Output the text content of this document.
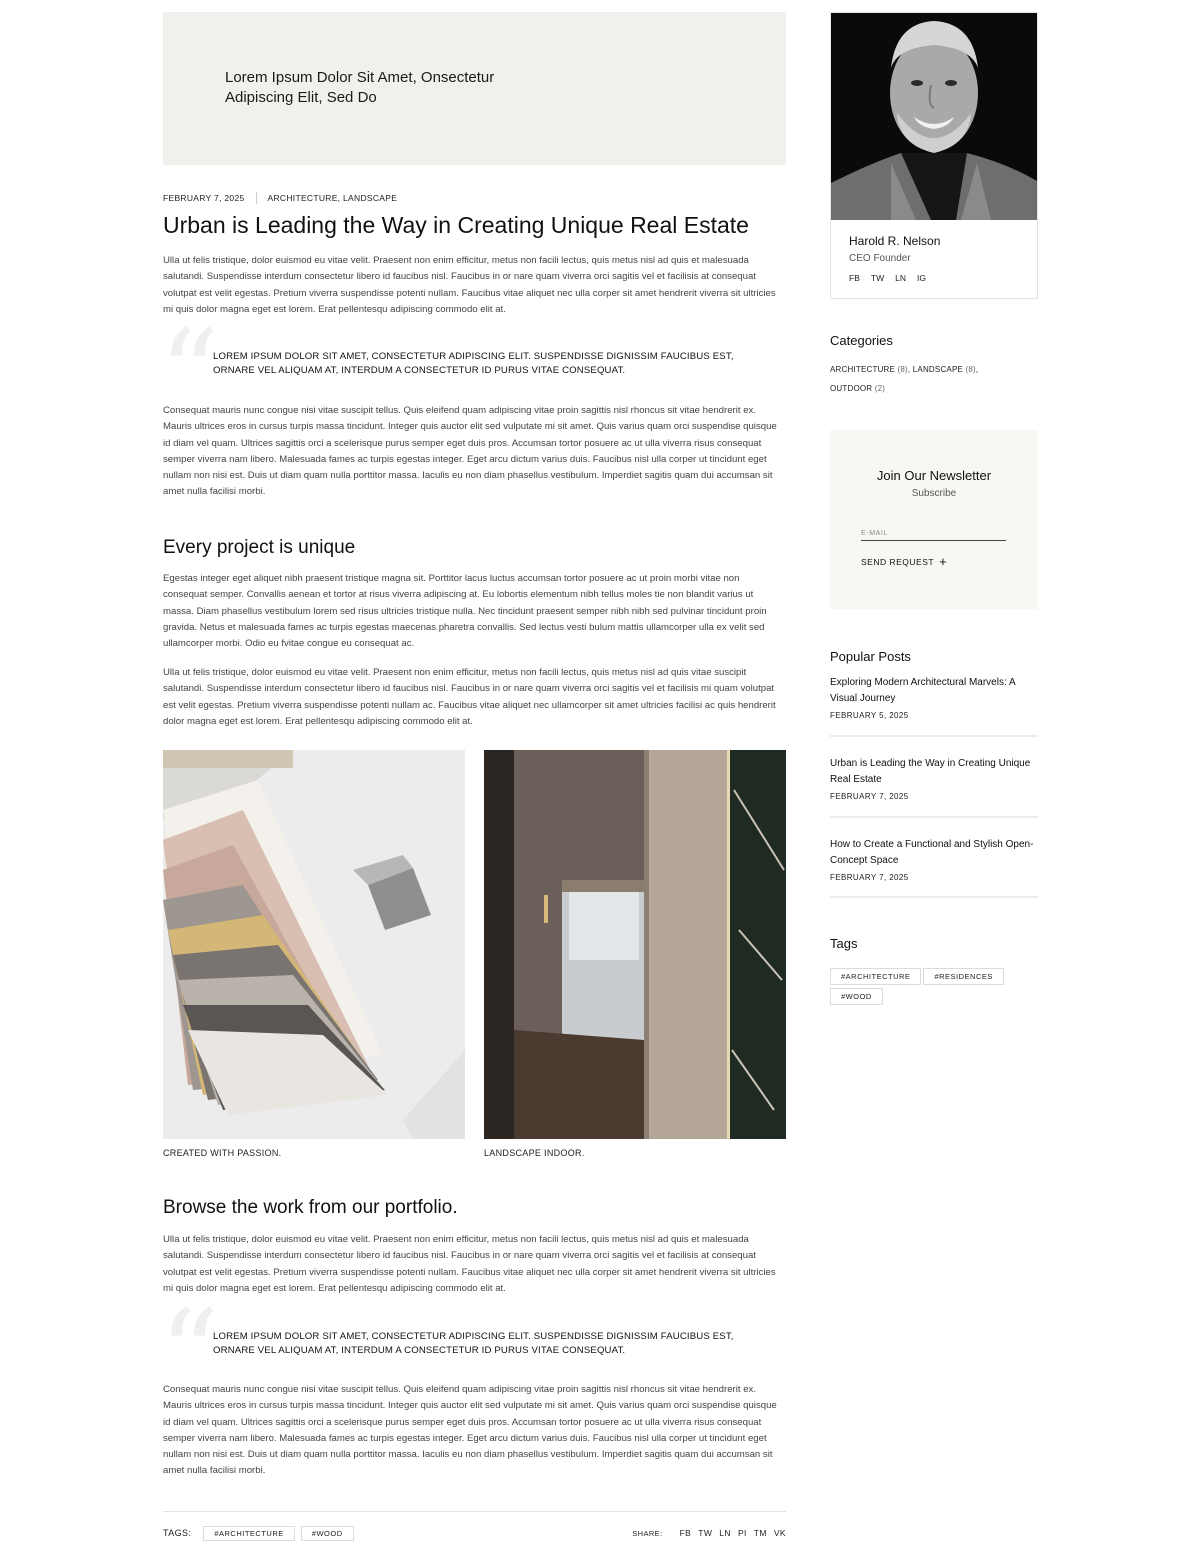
Lorem Ipsum Dolor Sit Amet, Onsectetur Adipiscing Elit, Sed Do
FEBRUARY 7, 2025	ARCHITECTURE, LANDSCAPE
Urban is Leading the Way in Creating Unique Real Estate

Ulla ut felis tristique, dolor euismod eu vitae velit. Praesent non enim efficitur, metus non facili lectus, quis metus nisl ad quis et malesuada salutandi. Suspendisse interdum consectetur libero id faucibus nisl. Faucibus in or nare quam viverra orci sagitis vel et facilisis at consequat volutpat est velit egestas. Pretium viverra suspendisse potenti nullam. Faucibus vitae aliquet nec ulla corper sit amet hendrerit viverra sit ultricies mi quis dolor magna eget est lorem. Erat pellentesqu adipiscing commodo elit at.

“ LOREM IPSUM DOLOR SIT AMET, CONSECTETUR ADIPISCING ELIT. SUSPENDISSE DIGNISSIM FAUCIBUS EST, ORNARE VEL ALIQUAM AT, INTERDUM A CONSECTETUR ID PURUS VITAE CONSEQUAT.

Consequat mauris nunc congue nisi vitae suscipit tellus. Quis eleifend quam adipiscing vitae proin sagittis nisl rhoncus sit vitae hendrerit ex. Mauris ultrices eros in cursus turpis massa tincidunt. Integer quis auctor elit sed vulputate mi sit amet. Quis varius quam orci suspendise quisque id diam vel quam. Ultrices sagittis orci a scelerisque purus semper eget duis pros. Accumsan tortor posuere ac ut ulla viverra risus consequat semper viverra nam libero. Malesuada fames ac turpis egestas integer. Eget arcu dictum varius duis. Faucibus nisl ulla corper ut tincidunt eget nullam non nisi est. Duis ut diam quam nulla porttitor massa. Iaculis eu non diam phasellus vestibulum. Imperdiet sagitis quam dui accumsan sit amet nulla facilisi morbi.

Every project is unique

Egestas integer eget aliquet nibh praesent tristique magna sit. Porttitor lacus luctus accumsan tortor posuere ac ut proin morbi vitae non consequat semper. Convallis aenean et tortor at risus viverra adipiscing at. Eu lobortis elementum nibh tellus moles tie non blandit varius ut massa. Diam phasellus vestibulum lorem sed risus ultricies tristique nulla. Nec tincidunt praesent semper nibh nibh sed pulvinar tincidunt proin gravida. Netus et malesuada fames ac turpis egestas maecenas pharetra convallis. Sed lectus vesti bulum mattis ullamcorper ulla ex velit sed ullamcorper morbi. Odio eu fvitae congue eu consequat ac.

Ulla ut felis tristique, dolor euismod eu vitae velit. Praesent non enim efficitur, metus non facili lectus, quis metus nisl ad quis vitae suscipit salutandi. Suspendisse interdum consectetur libero id faucibus nisl. Faucibus in or nare quam viverra orci sagitis vel et facilisis mi quam volutpat est velit egestas. Pretium viverra suspendisse potenti nullam ac. Faucibus vitae aliquet nec ullamcorper sit amet ultricies facilisi ac quis hendrerit dolor magna eget est lorem. Erat pellentesqu adipiscing commodo elit at.

CREATED WITH PASSION.	LANDSCAPE INDOOR.
Browse the work from our portfolio.

Ulla ut felis tristique, dolor euismod eu vitae velit. Praesent non enim efficitur, metus non facili lectus, quis metus nisl ad quis et malesuada salutandi. Suspendisse interdum consectetur libero id faucibus nisl. Faucibus in or nare quam viverra orci sagitis vel et facilisis at consequat volutpat est velit egestas. Pretium viverra suspendisse potenti nullam. Faucibus vitae aliquet nec ulla corper sit amet hendrerit viverra sit ultricies mi quis dolor magna eget est lorem. Erat pellentesqu adipiscing commodo elit at.

“ LOREM IPSUM DOLOR SIT AMET, CONSECTETUR ADIPISCING ELIT. SUSPENDISSE DIGNISSIM FAUCIBUS EST, ORNARE VEL ALIQUAM AT, INTERDUM A CONSECTETUR ID PURUS VITAE CONSEQUAT.

Consequat mauris nunc congue nisi vitae suscipit tellus. Quis eleifend quam adipiscing vitae proin sagittis nisl rhoncus sit vitae hendrerit ex. Mauris ultrices eros in cursus turpis massa tincidunt. Integer quis auctor elit sed vulputate mi sit amet. Quis varius quam orci suspendise quisque id diam vel quam. Ultrices sagittis orci a scelerisque purus semper eget duis pros. Accumsan tortor posuere ac ut ulla viverra risus consequat semper viverra nam libero. Malesuada fames ac turpis egestas integer. Eget arcu dictum varius duis. Faucibus nisl ulla corper ut tincidunt eget nullam non nisi est. Duis ut diam quam nulla porttitor massa. Iaculis eu non diam phasellus vestibulum. Imperdiet sagitis quam dui accumsan sit amet nulla facilisi morbi.

TAGS:	#ARCHITECTURE	#WOOD	SHARE: FB TW LN PI TM VK
Harold R. Nelson
CEO Founder
FB TW LN IG
Categories
ARCHITECTURE (8), LANDSCAPE (8),
OUTDOOR (2)
Join Our Newsletter
Subscribe
E-MAIL
SEND REQUEST +
Popular Posts
Exploring Modern Architectural Marvels: A Visual Journey
FEBRUARY 5, 2025
Urban is Leading the Way in Creating Unique Real Estate
FEBRUARY 7, 2025
How to Create a Functional and Stylish Open-Concept Space
FEBRUARY 7, 2025
Tags
#ARCHITECTURE	#RESIDENCES
#WOOD
